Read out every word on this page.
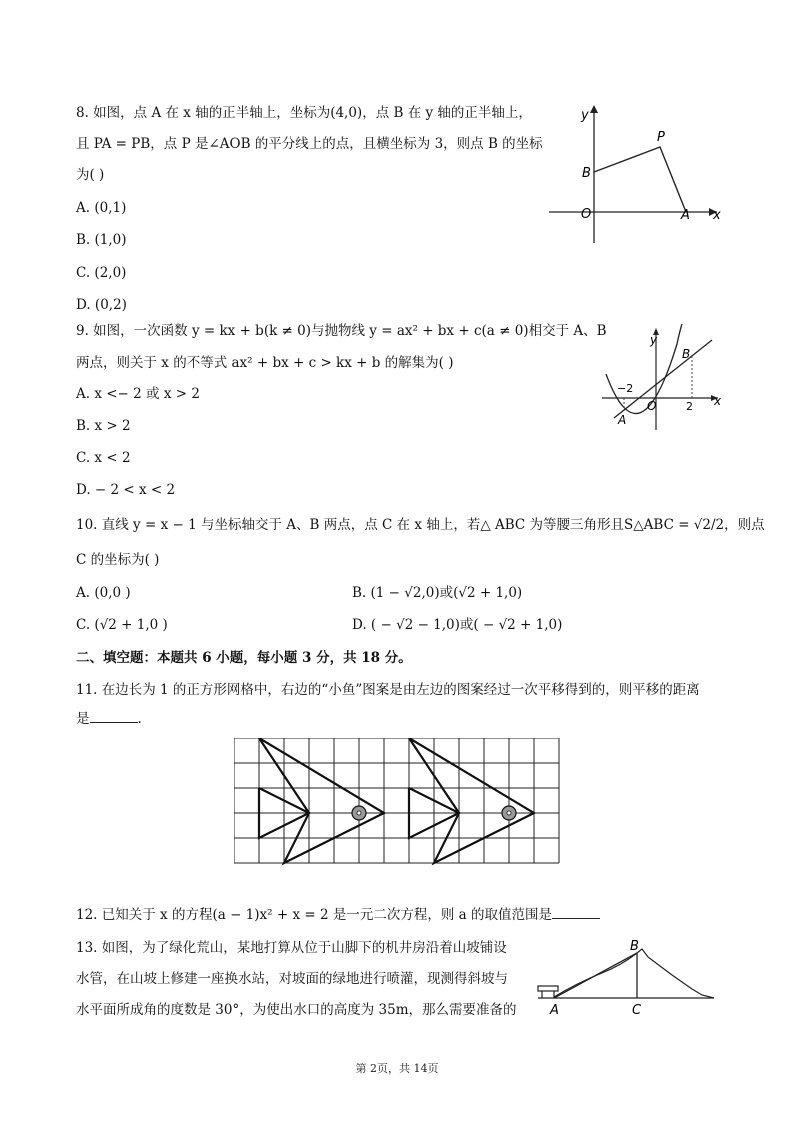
8. 如图，点 A 在 x 轴的正半轴上，坐标为(4,0)，点 B 在 y 轴的正半轴上，
且 PA = PB，点 P 是∠AOB 的平分线上的点，且横坐标为 3，则点 B 的坐标
为( )
A. (0,1)
B. (1,0)
C. (2,0)
D. (0,2)
y
x
P
B
O	A
9. 如图，一次函数 y = kx + b(k ≠ 0)与抛物线 y = ax² + bx + c(a ≠ 0)相交于 A、B
两点，则关于 x 的不等式 ax² + bx + c > kx + b 的解集为( )
A. x <− 2 或 x > 2
B. x > 2
C. x < 2
D. − 2 < x < 2
y
x
B
O
A
−2
2
10. 直线 y = x − 1 与坐标轴交于 A、B 两点，点 C 在 x 轴上，若△ ABC 为等腰三角形且S△ABC = √2/2，则点
C 的坐标为( )
A. (0,0 )	B. (1 − √2,0)或(√2 + 1,0)
C. (√2 + 1,0 )	D. ( − √2 − 1,0)或( − √2 + 1,0)
二、填空题：本题共 6 小题，每小题 3 分，共 18 分。
11. 在边长为 1 的正方形网格中，右边的“小鱼”图案是由左边的图案经过一次平移得到的，则平移的距离
是	.
12. 已知关于 x 的方程(a − 1)x² + x = 2 是一元二次方程，则 a 的取值范围是
13. 如图，为了绿化荒山，某地打算从位于山脚下的机井房沿着山坡铺设
水管，在山坡上修建一座换水站，对坡面的绿地进行喷灌，现测得斜坡与
水平面所成角的度数是 30°，为使出水口的高度为 35m，那么需要准备的
B
A	C
第 2页，共 14页
